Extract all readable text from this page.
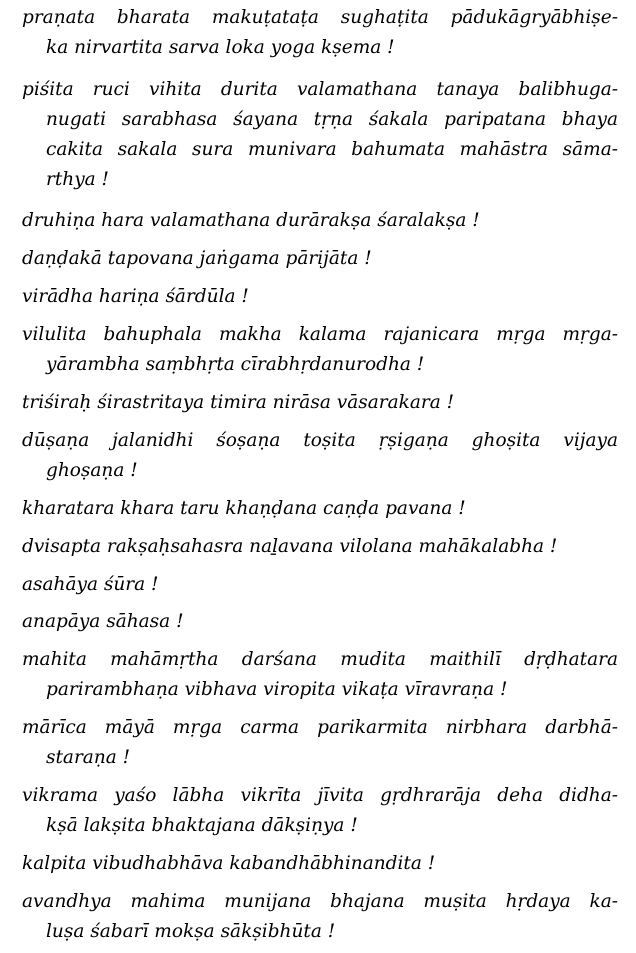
praṇata bharata makuṭataṭa sughaṭita pādukāgryābhiṣe-
ka nirvartita sarva loka yoga kṣema !
piśita ruci vihita durita valamathana tanaya balibhuga-
nugati sarabhasa śayana tṛṇa śakala paripatana bhaya
cakita sakala sura munivara bahumata mahāstra sāma-
rthya !
druhiṇa hara valamathana durārakṣa śaralakṣa !
daṇḍakā tapovana jaṅgama pārijāta !
virādha hariṇa śārdūla !
vilulita bahuphala makha kalama rajanicara mṛga mṛga-
yārambha saṃbhṛta cīrabhṛdanurodha !
triśiraḥ śirastritaya timira nirāsa vāsarakara !
dūṣaṇa jalanidhi śoṣaṇa toṣita ṛṣigaṇa ghoṣita vijaya
ghoṣaṇa !
kharatara khara taru khaṇḍana caṇḍa pavana !
dvisapta rakṣaḥsahasra naḻavana vilolana mahākalabha !
asahāya śūra !
anapāya sāhasa !
mahita mahāmṛtha darśana mudita maithilī dṛḍhatara
parirambhaṇa vibhava viropita vikaṭa vīravraṇa !
mārīca māyā mṛga carma parikarmita nirbhara darbhā-
staraṇa !
vikrama yaśo lābha vikrīta jīvita gṛdhrarāja deha didha-
kṣā lakṣita bhaktajana dākṣiṇya !
kalpita vibudhabhāva kabandhābhinandita !
avandhya mahima munijana bhajana muṣita hṛdaya ka-
luṣa śabarī mokṣa sākṣibhūta !
